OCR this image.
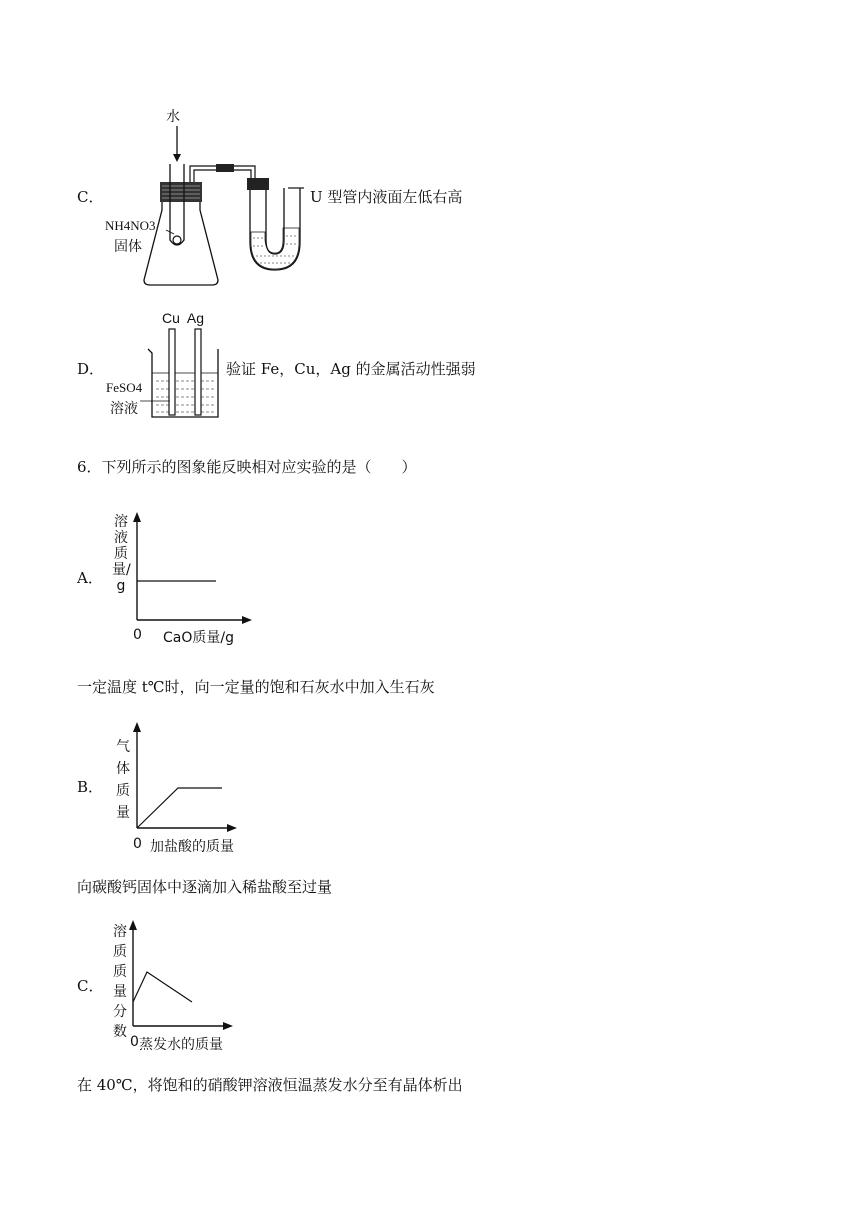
C．
水
NH4NO3
固体
U 型管内液面左低右高
D．
Cu  Ag
FeSO4
溶液
验证 Fe，Cu，Ag 的金属活动性强弱
6．下列所示的图象能反映相对应实验的是（　　）
A．
溶液质量/g
0 CaO质量/g
一定温度 t℃时，向一定量的饱和石灰水中加入生石灰
B．
气体质量
0 加盐酸的质量
向碳酸钙固体中逐滴加入稀盐酸至过量
C．
溶质质量分数
0 蒸发水的质量
在 40℃，将饱和的硝酸钾溶液恒温蒸发水分至有晶体析出
